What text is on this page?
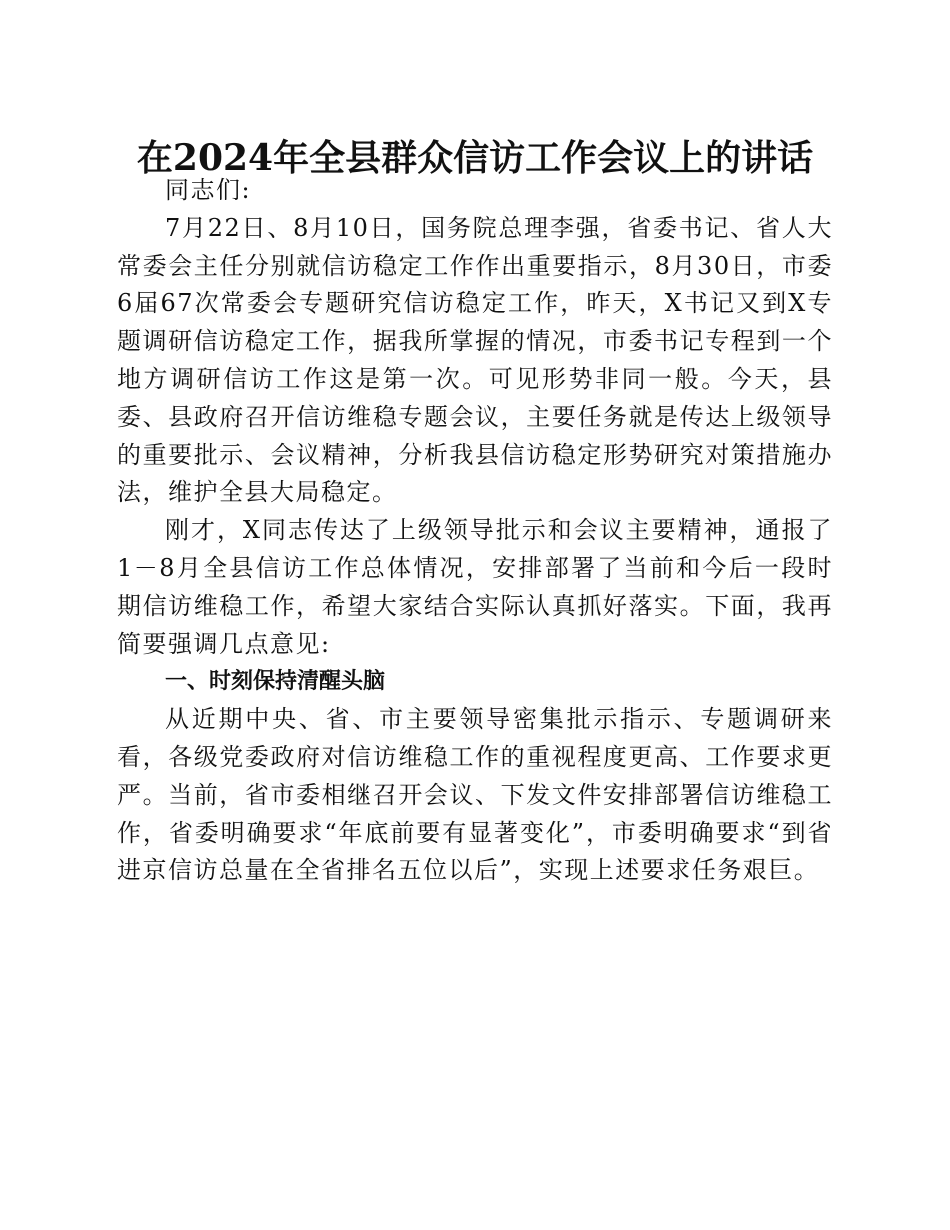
在2024年全县群众信访工作会议上的讲话

同志们:

7月22日、8月10日，国务院总理李强，省委书记、省人大常委会主任分别就信访稳定工作作出重要指示，8月30日，市委6届67次常委会专题研究信访稳定工作，昨天，X书记又到X专题调研信访稳定工作，据我所掌握的情况，市委书记专程到一个地方调研信访工作这是第一次。可见形势非同一般。今天，县委、县政府召开信访维稳专题会议，主要任务就是传达上级领导的重要批示、会议精神，分析我县信访稳定形势研究对策措施办法，维护全县大局稳定。

刚才，X同志传达了上级领导批示和会议主要精神，通报了1－8月全县信访工作总体情况，安排部署了当前和今后一段时期信访维稳工作，希望大家结合实际认真抓好落实。下面，我再简要强调几点意见:

一、时刻保持清醒头脑

从近期中央、省、市主要领导密集批示指示、专题调研来看，各级党委政府对信访维稳工作的重视程度更高、工作要求更严。当前，省市委相继召开会议、下发文件安排部署信访维稳工作，省委明确要求“年底前要有显著变化”，市委明确要求“到省进京信访总量在全省排名五位以后”，实现上述要求任务艰巨。
